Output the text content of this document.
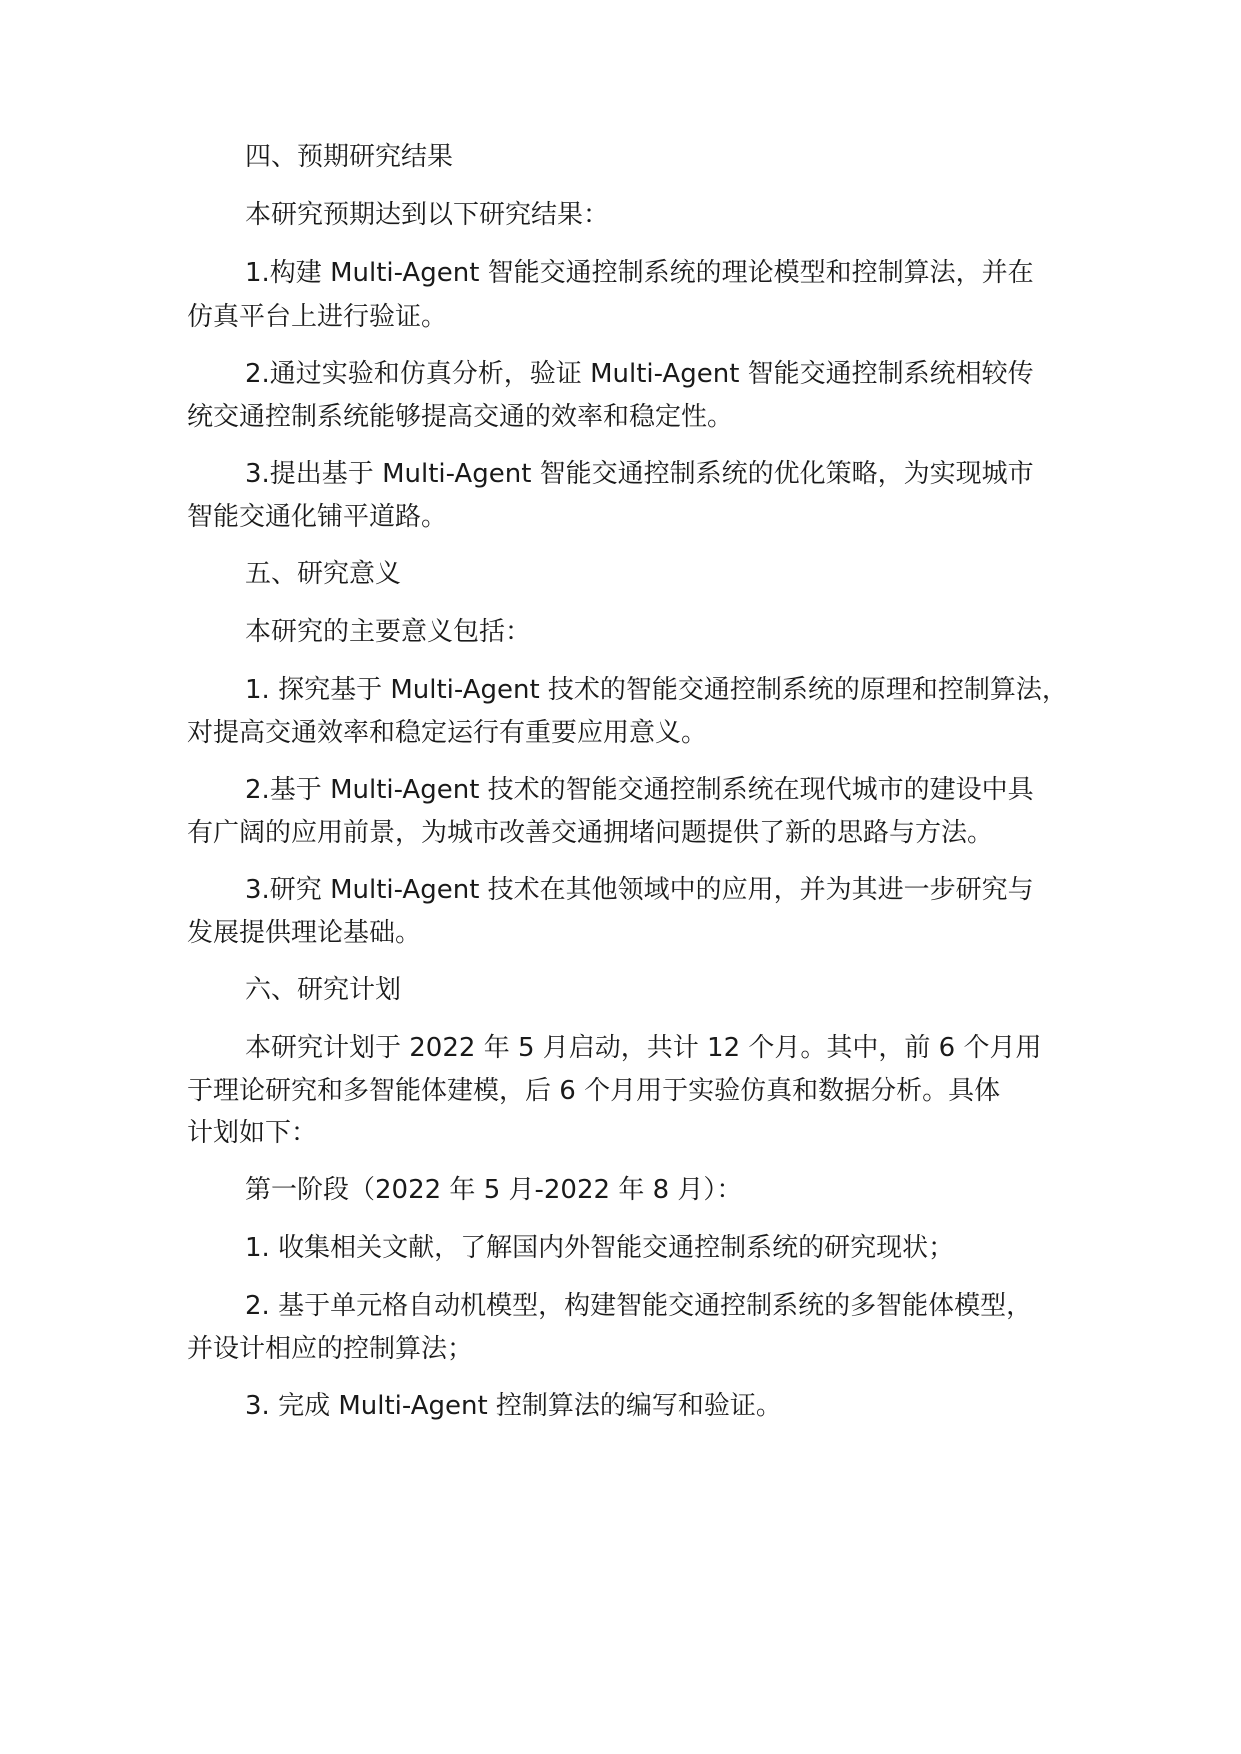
四、预期研究结果

本研究预期达到以下研究结果：

1.构建 Multi-Agent 智能交通控制系统的理论模型和控制算法，并在

仿真平台上进行验证。

2.通过实验和仿真分析，验证 Multi-Agent 智能交通控制系统相较传

统交通控制系统能够提高交通的效率和稳定性。

3.提出基于 Multi-Agent 智能交通控制系统的优化策略，为实现城市

智能交通化铺平道路。

五、研究意义

本研究的主要意义包括：

1. 探究基于 Multi-Agent 技术的智能交通控制系统的原理和控制算法，

对提高交通效率和稳定运行有重要应用意义。

2.基于 Multi-Agent 技术的智能交通控制系统在现代城市的建设中具

有广阔的应用前景，为城市改善交通拥堵问题提供了新的思路与方法。

3.研究 Multi-Agent 技术在其他领域中的应用，并为其进一步研究与

发展提供理论基础。

六、研究计划

本研究计划于 2022 年 5 月启动，共计 12 个月。其中，前 6 个月用

于理论研究和多智能体建模，后 6 个月用于实验仿真和数据分析。具体

计划如下：

第一阶段（2022 年 5 月-2022 年 8 月）：

1. 收集相关文献，了解国内外智能交通控制系统的研究现状；

2. 基于单元格自动机模型，构建智能交通控制系统的多智能体模型，

并设计相应的控制算法；

3. 完成 Multi-Agent 控制算法的编写和验证。
